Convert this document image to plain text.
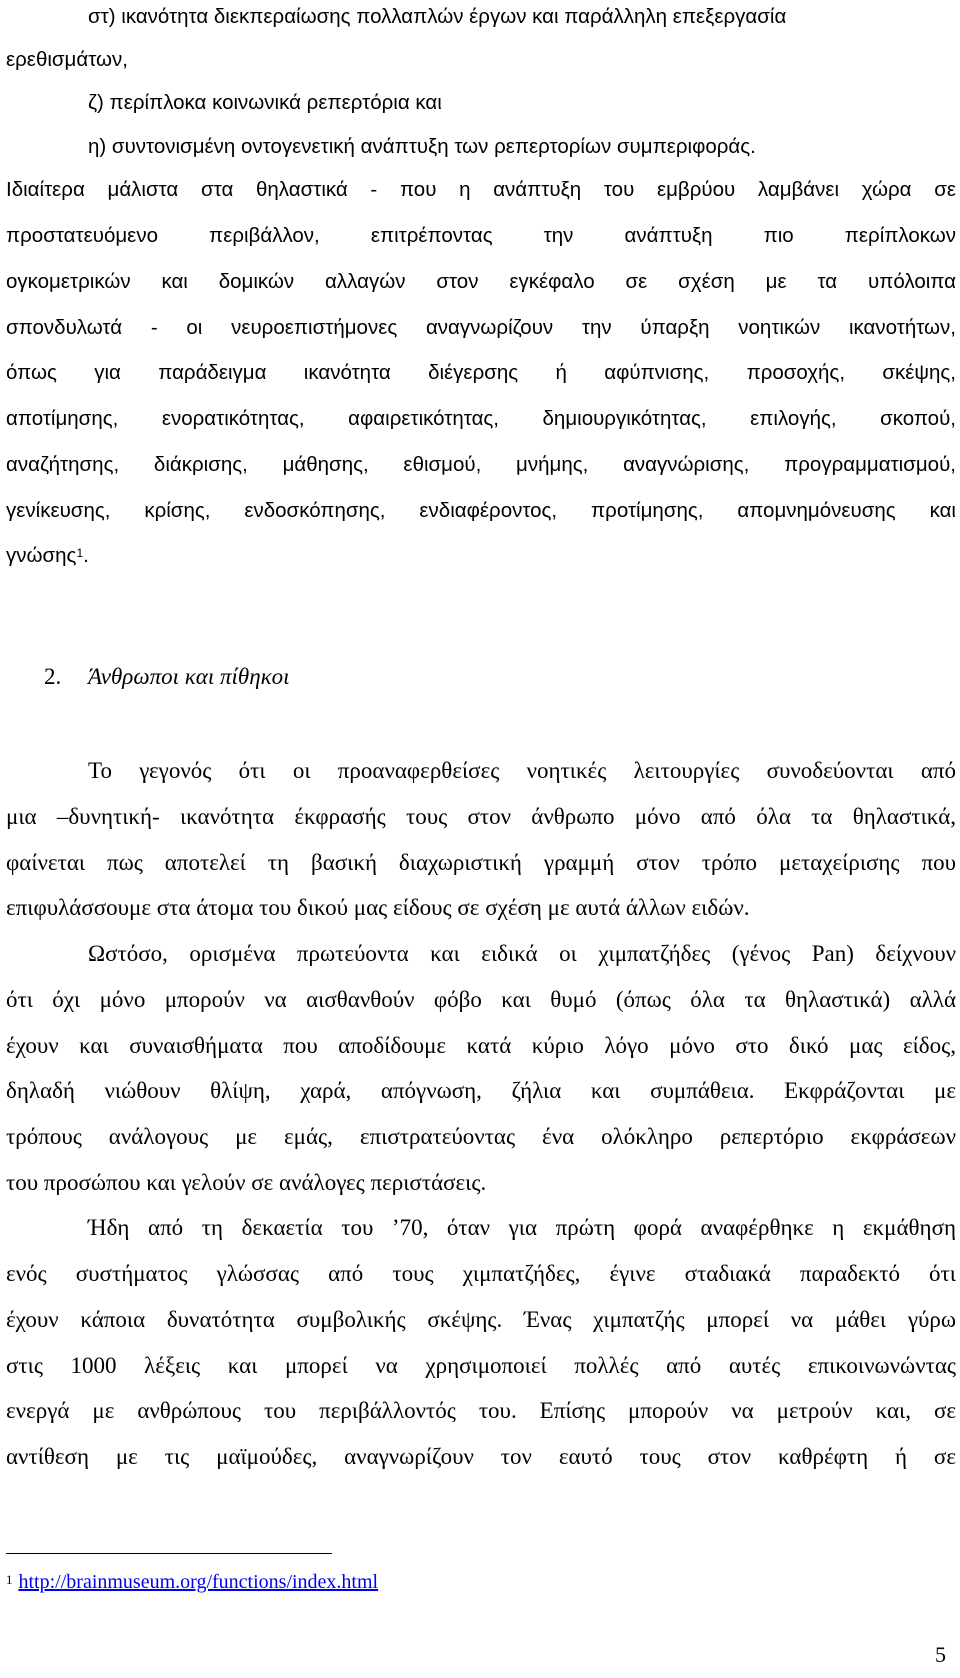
στ) ικανότητα διεκπεραίωσης πολλαπλών έργων και παράλληλη επεξεργασία

ερεθισμάτων,

ζ) περίπλοκα κοινωνικά ρεπερτόρια και

η) συντονισμένη οντογενετική ανάπτυξη των ρεπερτορίων συμπεριφοράς.

Ιδιαίτερα μάλιστα στα θηλαστικά - που η ανάπτυξη του εμβρύου λαμβάνει χώρα σε

προστατευόμενο περιβάλλον, επιτρέποντας την ανάπτυξη πιο περίπλοκων

ογκομετρικών και δομικών αλλαγών στον εγκέφαλο σε σχέση με τα υπόλοιπα

σπονδυλωτά - οι νευροεπιστήμονες αναγνωρίζουν την ύπαρξη νοητικών ικανοτήτων,

όπως για παράδειγμα ικανότητα διέγερσης ή αφύπνισης, προσοχής, σκέψης,

αποτίμησης, ενορατικότητας, αφαιρετικότητας, δημιουργικότητας, επιλογής, σκοπού,

αναζήτησης, διάκρισης, μάθησης, εθισμού, μνήμης, αναγνώρισης, προγραμματισμού,

γενίκευσης, κρίσης, ενδοσκόπησης, ενδιαφέροντος, προτίμησης, απομνημόνευσης και

γνώσης$^1$.

2. Άνθρωποι και πίθηκοι

Το γεγονός ότι οι προαναφερθείσες νοητικές λειτουργίες συνοδεύονται από

μια –δυνητική- ικανότητα έκφρασής τους στον άνθρωπο μόνο από όλα τα θηλαστικά,

φαίνεται πως αποτελεί τη βασική διαχωριστική γραμμή στον τρόπο μεταχείρισης που

επιφυλάσσουμε στα άτομα του δικού μας είδους σε σχέση με αυτά άλλων ειδών.

Ωστόσο, ορισμένα πρωτεύοντα και ειδικά οι χιμπατζήδες (γένος Pan) δείχνουν

ότι όχι μόνο μπορούν να αισθανθούν φόβο και θυμό (όπως όλα τα θηλαστικά) αλλά

έχουν και συναισθήματα που αποδίδουμε κατά κύριο λόγο μόνο στο δικό μας είδος,

δηλαδή νιώθουν θλίψη, χαρά, απόγνωση, ζήλια και συμπάθεια. Εκφράζονται με

τρόπους ανάλογους με εμάς, επιστρατεύοντας ένα ολόκληρο ρεπερτόριο εκφράσεων

του προσώπου και γελούν σε ανάλογες περιστάσεις.

Ήδη από τη δεκαετία του ’70, όταν για πρώτη φορά αναφέρθηκε η εκμάθηση

ενός συστήματος γλώσσας από τους χιμπατζήδες, έγινε σταδιακά παραδεκτό ότι

έχουν κάποια δυνατότητα συμβολικής σκέψης. Ένας χιμπατζής μπορεί να μάθει γύρω

στις 1000 λέξεις και μπορεί να χρησιμοποιεί πολλές από αυτές επικοινωνώντας

ενεργά με ανθρώπους του περιβάλλοντός του. Επίσης μπορούν να μετρούν και, σε

αντίθεση με τις μαϊμούδες, αναγνωρίζουν τον εαυτό τους στον καθρέφτη ή σε

$^1$ http://brainmuseum.org/functions/index.html

5
